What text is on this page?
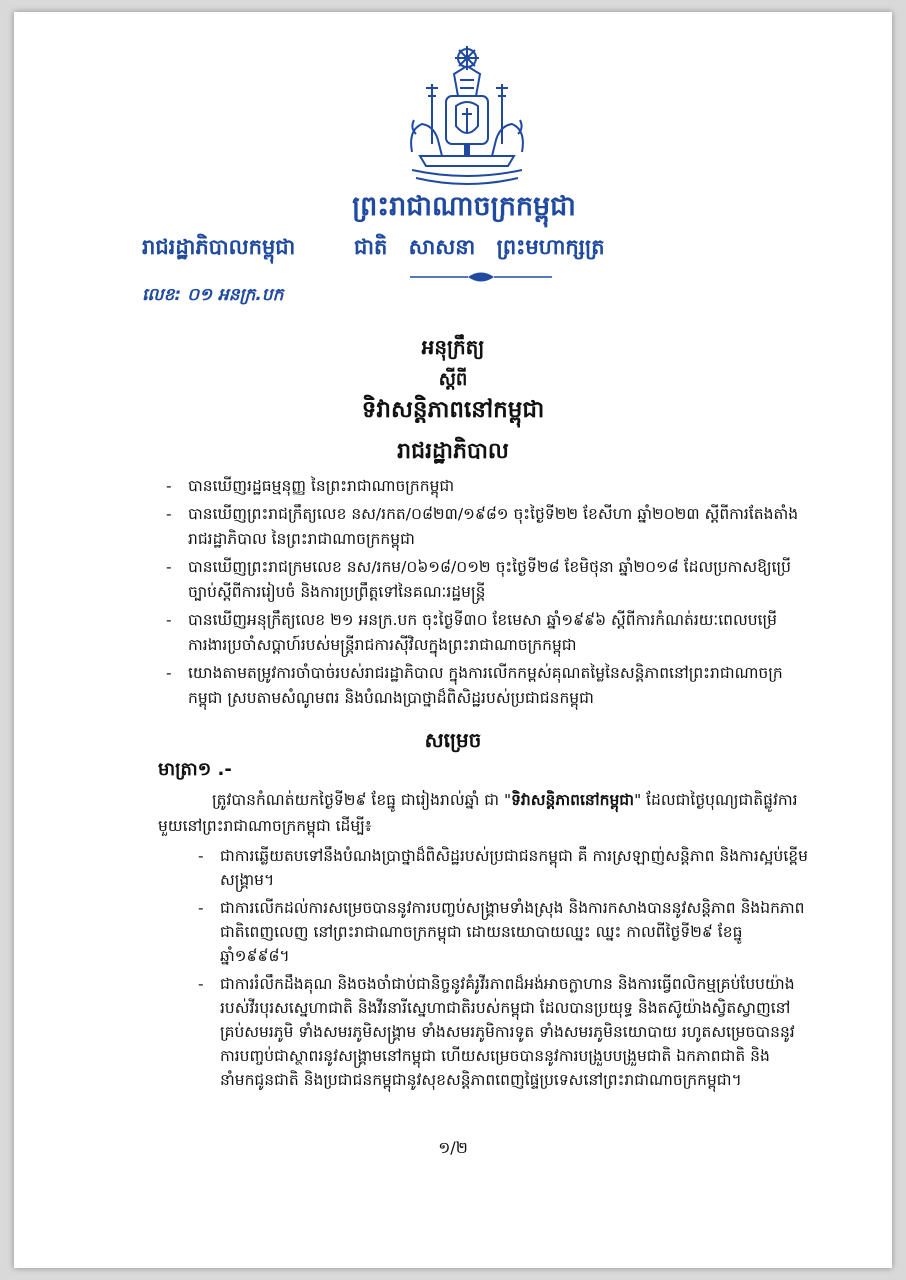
ព្រះរាជាណាចក្រកម្ពុជា
រាជរដ្ឋាភិបាលកម្ពុជា	ជាតិ សាសនា ព្រះមហាក្សត្រ
លេខ: ០១ អនក្រ.បក
អនុក្រឹត្យ
ស្ដីពី
ទិវាសន្តិភាពនៅកម្ពុជា
រាជរដ្ឋាភិបាល
- បានឃើញរដ្ឋធម្មនុញ្ញ នៃព្រះរាជាណាចក្រកម្ពុជា
- បានឃើញព្រះរាជក្រឹត្យលេខ នស/រកត/០៨២៣/១៩៨១ ចុះថ្ងៃទី២២ ខែសីហា ឆ្នាំ២០២៣ ស្ដីពីការតែងតាំងរាជរដ្ឋាភិបាល នៃព្រះរាជាណាចក្រកម្ពុជា
- បានឃើញព្រះរាជក្រមលេខ នស/រកម/០៦១៨/០១២ ចុះថ្ងៃទី២៨ ខែមិថុនា ឆ្នាំ២០១៨ ដែលប្រកាសឱ្យប្រើច្បាប់ស្ដីពីការរៀបចំ និងការប្រព្រឹត្តទៅនៃគណៈរដ្ឋមន្ត្រី
- បានឃើញអនុក្រឹត្យលេខ ២១ អនក្រ.បក ចុះថ្ងៃទី៣០ ខែមេសា ឆ្នាំ១៩៩៦ ស្ដីពីការកំណត់រយៈពេលបម្រើការងារប្រចាំសប្ដាហ៍របស់មន្ត្រីរាជការស៊ីវិលក្នុងព្រះរាជាណាចក្រកម្ពុជា
- យោងតាមតម្រូវការចាំបាច់របស់រាជរដ្ឋាភិបាល ក្នុងការលើកកម្ពស់គុណតម្លៃនៃសន្តិភាពនៅព្រះរាជាណាចក្រកម្ពុជា ស្របតាមសំណូមពរ និងបំណងប្រាថ្នាដ៏ពិសិដ្ឋរបស់ប្រជាជនកម្ពុជា
សម្រេច
មាត្រា១ .-

ត្រូវបានកំណត់យកថ្ងៃទី២៩ ខែធ្នូ ជារៀងរាល់ឆ្នាំ ជា "ទិវាសន្តិភាពនៅកម្ពុជា" ដែលជាថ្ងៃបុណ្យជាតិផ្លូវការមួយនៅព្រះរាជាណាចក្រកម្ពុជា ដើម្បី៖

- ជាការឆ្លើយតបទៅនឹងបំណងប្រាថ្នាដ៏ពិសិដ្ឋរបស់ប្រជាជនកម្ពុជា គឺ ការស្រឡាញ់សន្តិភាព និងការស្អប់ខ្ពើមសង្គ្រាម។
- ជាការលើកដល់ការសម្រេចបាននូវការបញ្ចប់សង្គ្រាមទាំងស្រុង និងការកសាងបាននូវសន្តិភាព និងឯកភាពជាតិពេញលេញ នៅព្រះរាជាណាចក្រកម្ពុជា ដោយនយោបាយឈ្នះ ឈ្នះ កាលពីថ្ងៃទី២៩ ខែធ្នូ ឆ្នាំ១៩៩៨។
- ជាការរំលឹកដឹងគុណ និងចងចាំជាប់ជានិច្ចនូវគំរូវីរភាពដ៏អង់អាចក្លាហាន និងការធ្វើពលិកម្មគ្រប់បែបយ៉ាងរបស់វីរបុរសស្នេហាជាតិ និងវីរនារីស្នេហាជាតិរបស់កម្ពុជា ដែលបានប្រយុទ្ធ និងតស៊ូយ៉ាងស្វិតស្វាញនៅគ្រប់សមរភូមិ ទាំងសមរភូមិសង្គ្រាម ទាំងសមរភូមិការទូត ទាំងសមរភូមិនយោបាយ រហូតសម្រេចបាននូវការបញ្ចប់ជាស្ថាពរនូវសង្គ្រាមនៅកម្ពុជា ហើយសម្រេចបាននូវការបង្រួបបង្រួមជាតិ ឯកភាពជាតិ និងនាំមកជូនជាតិ និងប្រជាជនកម្ពុជានូវសុខសន្តិភាពពេញផ្ទៃប្រទេសនៅព្រះរាជាណាចក្រកម្ពុជា។
១/២
